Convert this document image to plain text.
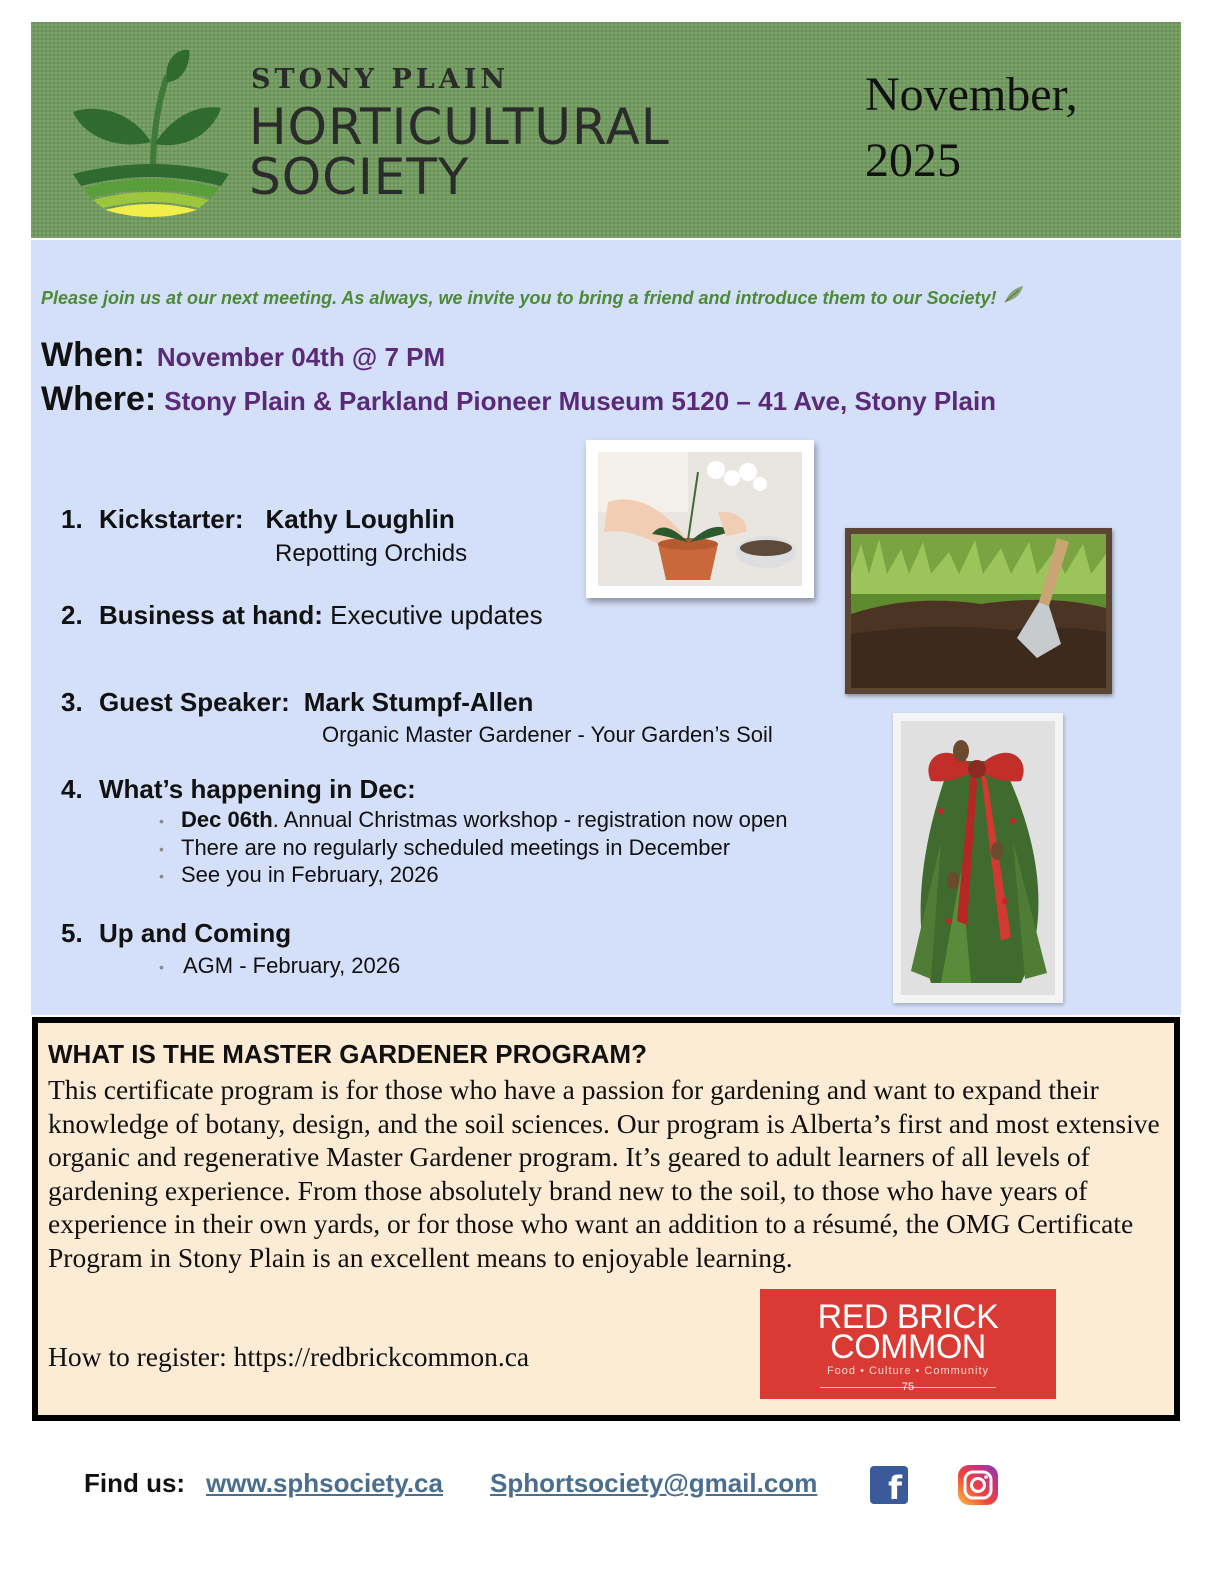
STONY PLAIN
HORTICULTURAL
SOCIETY
November,
2025
Please join us at our next meeting. As always, we invite you to bring a friend and introduce them to our Society!
When: November 04th @ 7 PM
Where: Stony Plain & Parkland Pioneer Museum 5120 – 41 Ave, Stony Plain
1. Kickstarter: Kathy Loughlin
Repotting Orchids
2. Business at hand: Executive updates
3. Guest Speaker: Mark Stumpf-Allen
Organic Master Gardener - Your Garden’s Soil
4. What’s happening in Dec:
• Dec 06th. Annual Christmas workshop - registration now open
• There are no regularly scheduled meetings in December
• See you in February, 2026
5. Up and Coming
• AGM - February, 2026
WHAT IS THE MASTER GARDENER PROGRAM?
This certificate program is for those who have a passion for gardening and want to expand their knowledge of botany, design, and the soil sciences. Our program is Alberta’s first and most extensive organic and regenerative Master Gardener program. It’s geared to adult learners of all levels of gardening experience. From those absolutely brand new to the soil, to those who have years of experience in their own yards, or for those who want an addition to a résumé, the OMG Certificate Program in Stony Plain is an excellent means to enjoyable learning.
How to register: https://redbrickcommon.ca
RED BRICK
COMMON
Food • Culture • Community
75
Find us: www.sphsociety.ca Sphortsociety@gmail.com	f
